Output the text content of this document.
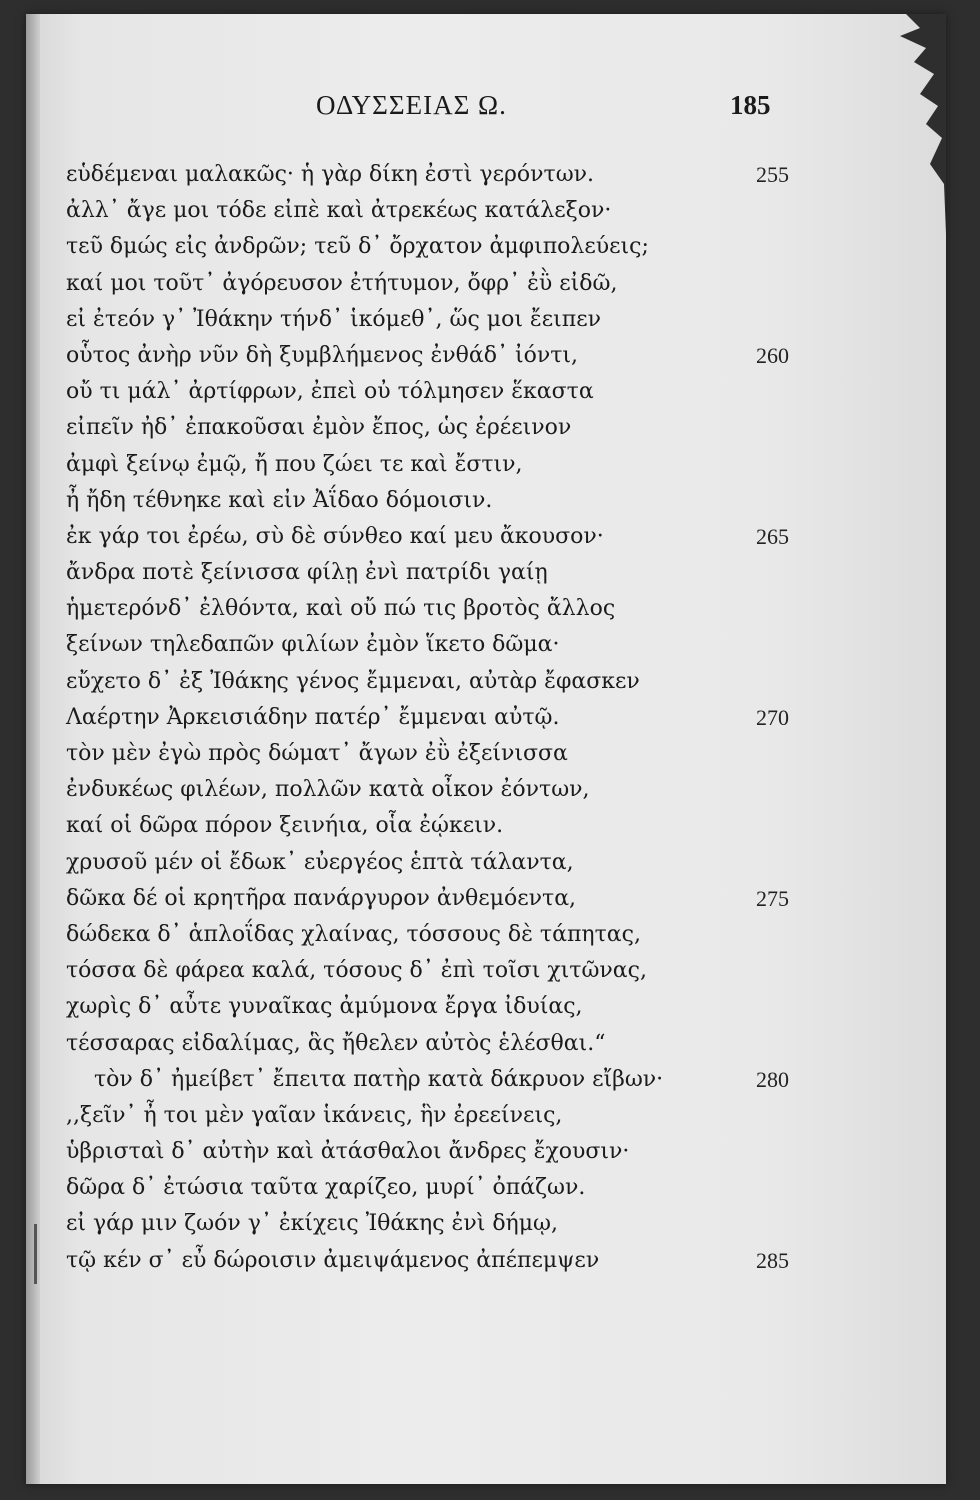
ΟΔΥΣΣΕΙΑΣ Ω.	185
εὑδέμεναι μαλακῶς· ἡ γὰρ δίκη ἐστὶ γερόντων.	255
ἀλλ᾽ ἄγε μοι τόδε εἰπὲ καὶ ἀτρεκέως κατάλεξον·
τεῦ δμώς εἰς ἀνδρῶν; τεῦ δ᾽ ὄρχατον ἀμφιπολεύεις;
καί μοι τοῦτ᾽ ἀγόρευσον ἐτήτυμον, ὄφρ᾽ ἐῢ εἰδῶ,
εἰ ἐτεόν γ᾽ Ἰθάκην τήνδ᾽ ἱκόμεθ᾽, ὥς μοι ἔειπεν
οὗτος ἀνὴρ νῦν δὴ ξυμβλήμενος ἐνθάδ᾽ ἰόντι,	260
οὔ τι μάλ᾽ ἀρτίφρων, ἐπεὶ οὐ τόλμησεν ἕκαστα
εἰπεῖν ἠδ᾽ ἐπακοῦσαι ἐμὸν ἔπος, ὡς ἐρέεινον
ἀμφὶ ξείνῳ ἐμῷ, ἤ που ζώει τε καὶ ἔστιν,
ἦ ἤδη τέθνηκε καὶ εἰν Ἀΐδαο δόμοισιν.
ἐκ γάρ τοι ἐρέω, σὺ δὲ σύνθεο καί μευ ἄκουσον·	265
ἄνδρα ποτὲ ξείνισσα φίλῃ ἐνὶ πατρίδι γαίῃ
ἡμετερόνδ᾽ ἐλθόντα, καὶ οὔ πώ τις βροτὸς ἄλλος
ξείνων τηλεδαπῶν φιλίων ἐμὸν ἵκετο δῶμα·
εὔχετο δ᾽ ἐξ Ἰθάκης γένος ἔμμεναι, αὐτὰρ ἔφασκεν
Λαέρτην Ἀρκεισιάδην πατέρ᾽ ἔμμεναι αὐτῷ.	270
τὸν μὲν ἐγὼ πρὸς δώματ᾽ ἄγων ἐῢ ἐξείνισσα
ἐνδυκέως φιλέων, πολλῶν κατὰ οἶκον ἐόντων,
καί οἱ δῶρα πόρον ξεινήια, οἷα ἐῴκειν.
χρυσοῦ μέν οἱ ἔδωκ᾽ εὐεργέος ἑπτὰ τάλαντα,
δῶκα δέ οἱ κρητῆρα πανάργυρον ἀνθεμόεντα,	275
δώδεκα δ᾽ ἁπλοΐδας χλαίνας, τόσσους δὲ τάπητας,
τόσσα δὲ φάρεα καλά, τόσους δ᾽ ἐπὶ τοῖσι χιτῶνας,
χωρὶς δ᾽ αὖτε γυναῖκας ἀμύμονα ἔργα ἰδυίας,
τέσσαρας εἰδαλίμας, ἃς ἤθελεν αὐτὸς ἑλέσθαι.“
τὸν δ᾽ ἠμείβετ᾽ ἔπειτα πατὴρ κατὰ δάκρυον εἴβων·	280
,,ξεῖν᾽ ἦ τοι μὲν γαῖαν ἱκάνεις, ἣν ἐρεείνεις,
ὑβρισταὶ δ᾽ αὐτὴν καὶ ἀτάσθαλοι ἄνδρες ἔχουσιν·
δῶρα δ᾽ ἐτώσια ταῦτα χαρίζεο, μυρί᾽ ὀπάζων.
εἰ γάρ μιν ζωόν γ᾽ ἐκίχεις Ἰθάκης ἐνὶ δήμῳ,
τῷ κέν σ᾽ εὖ δώροισιν ἀμειψάμενος ἀπέπεμψεν	285
